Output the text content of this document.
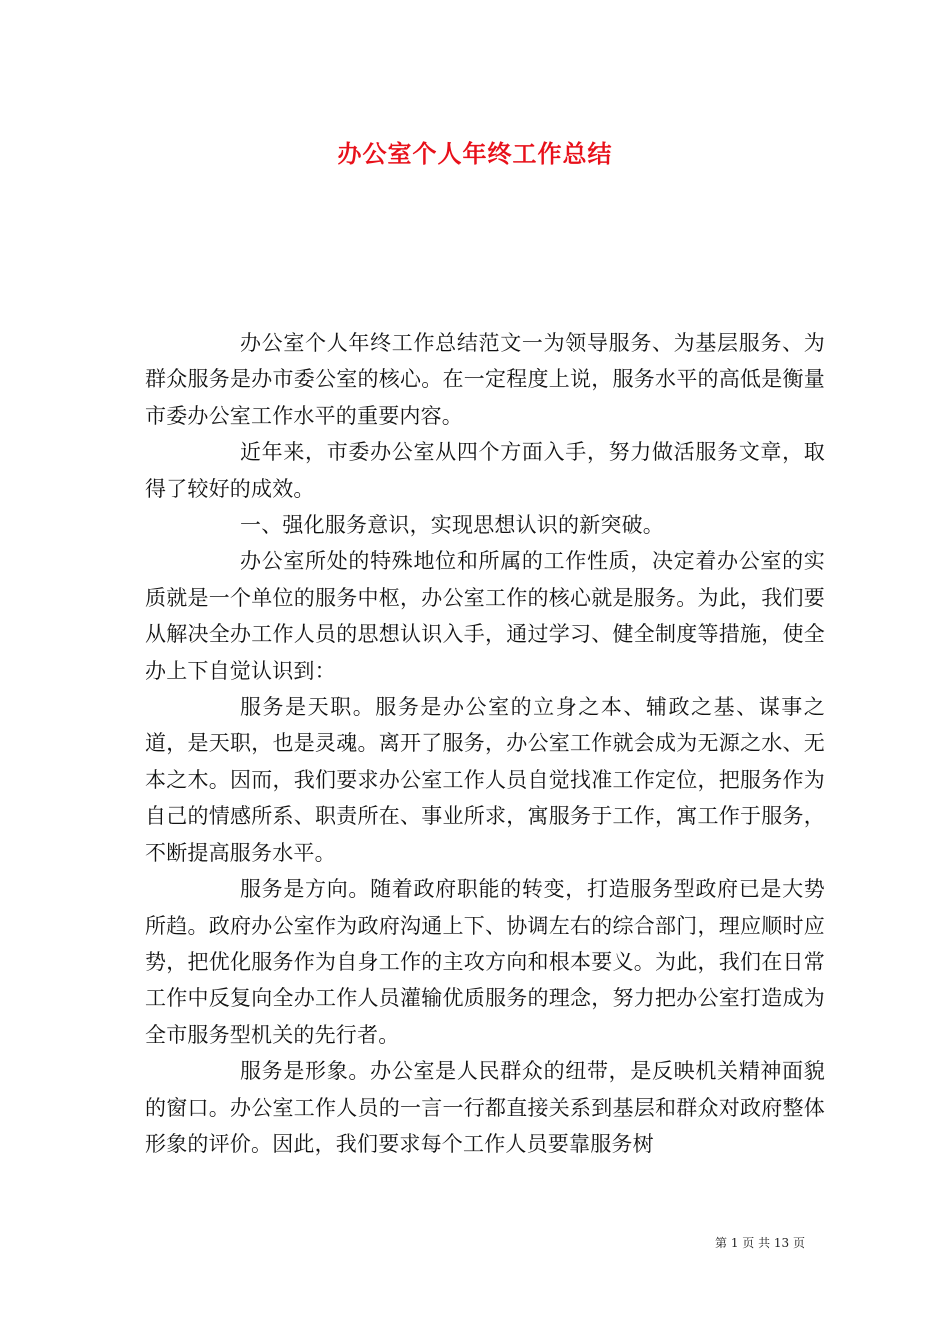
办公室个人年终工作总结

办公室个人年终工作总结范文一为领导服务、为基层服务、为群众服务是办市委公室的核心。在一定程度上说，服务水平的高低是衡量市委办公室工作水平的重要内容。

近年来，市委办公室从四个方面入手，努力做活服务文章，取得了较好的成效。

一、强化服务意识，实现思想认识的新突破。

办公室所处的特殊地位和所属的工作性质，决定着办公室的实质就是一个单位的服务中枢，办公室工作的核心就是服务。为此，我们要从解决全办工作人员的思想认识入手，通过学习、健全制度等措施，使全办上下自觉认识到：

服务是天职。服务是办公室的立身之本、辅政之基、谋事之道，是天职，也是灵魂。离开了服务，办公室工作就会成为无源之水、无本之木。因而，我们要求办公室工作人员自觉找准工作定位，把服务作为自己的情感所系、职责所在、事业所求，寓服务于工作，寓工作于服务，不断提高服务水平。

服务是方向。随着政府职能的转变，打造服务型政府已是大势所趋。政府办公室作为政府沟通上下、协调左右的综合部门，理应顺时应势，把优化服务作为自身工作的主攻方向和根本要义。为此，我们在日常工作中反复向全办工作人员灌输优质服务的理念，努力把办公室打造成为全市服务型机关的先行者。

服务是形象。办公室是人民群众的纽带，是反映机关精神面貌的窗口。办公室工作人员的一言一行都直接关系到基层和群众对政府整体形象的评价。因此，我们要求每个工作人员要靠服务树

第 1 页 共 13 页
